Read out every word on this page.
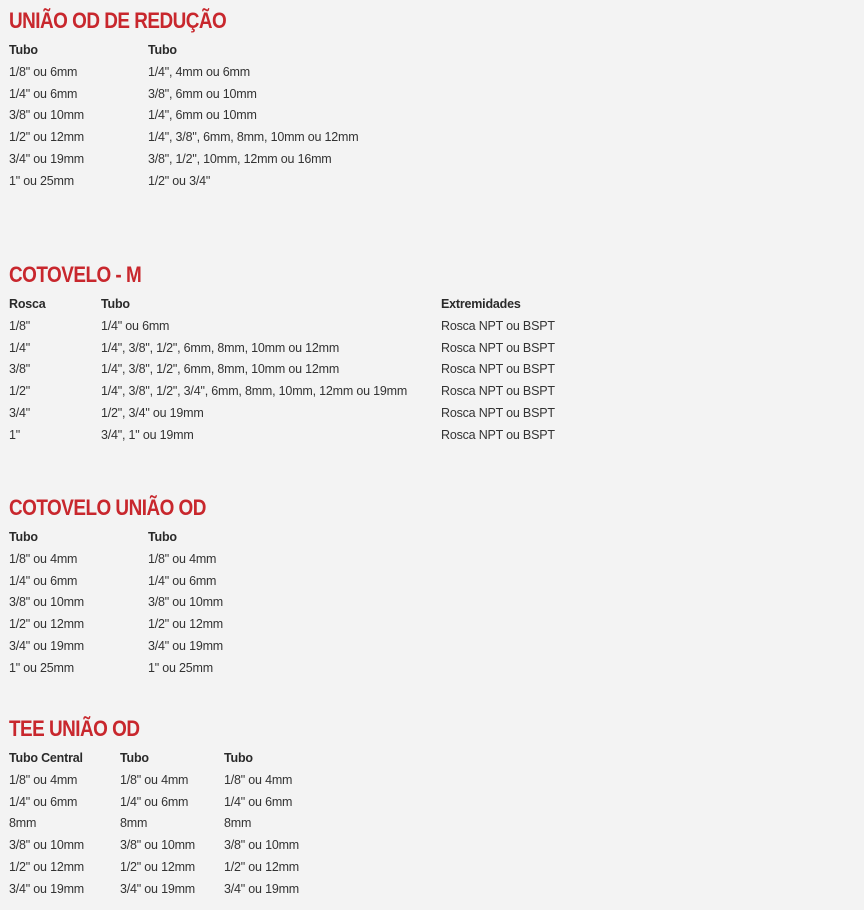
UNIÃO OD DE REDUÇÃO
Tubo	Tubo
1/8" ou 6mm	1/4", 4mm ou 6mm
1/4" ou 6mm	3/8", 6mm ou 10mm
3/8" ou 10mm	1/4", 6mm ou 10mm
1/2" ou 12mm	1/4", 3/8", 6mm, 8mm, 10mm ou 12mm
3/4" ou 19mm	3/8", 1/2", 10mm, 12mm ou 16mm
1" ou 25mm	1/2" ou 3/4"
COTOVELO - M
Rosca	Tubo	Extremidades
1/8"	1/4" ou 6mm	Rosca NPT ou BSPT
1/4"	1/4", 3/8", 1/2", 6mm, 8mm, 10mm ou 12mm	Rosca NPT ou BSPT
3/8"	1/4", 3/8", 1/2", 6mm, 8mm, 10mm ou 12mm	Rosca NPT ou BSPT
1/2"	1/4", 3/8", 1/2", 3/4", 6mm, 8mm, 10mm, 12mm ou 19mm	Rosca NPT ou BSPT
3/4"	1/2", 3/4" ou 19mm	Rosca NPT ou BSPT
1"	3/4", 1" ou 19mm	Rosca NPT ou BSPT
COTOVELO UNIÃO OD
Tubo	Tubo
1/8" ou 4mm	1/8" ou 4mm
1/4" ou 6mm	1/4" ou 6mm
3/8" ou 10mm	3/8" ou 10mm
1/2" ou 12mm	1/2" ou 12mm
3/4" ou 19mm	3/4" ou 19mm
1" ou 25mm	1" ou 25mm
TEE UNIÃO OD
Tubo Central	Tubo	Tubo
1/8" ou 4mm	1/8" ou 4mm	1/8" ou 4mm
1/4" ou 6mm	1/4" ou 6mm	1/4" ou 6mm
8mm	8mm	8mm
3/8" ou 10mm	3/8" ou 10mm	3/8" ou 10mm
1/2" ou 12mm	1/2" ou 12mm	1/2" ou 12mm
3/4" ou 19mm	3/4" ou 19mm	3/4" ou 19mm
